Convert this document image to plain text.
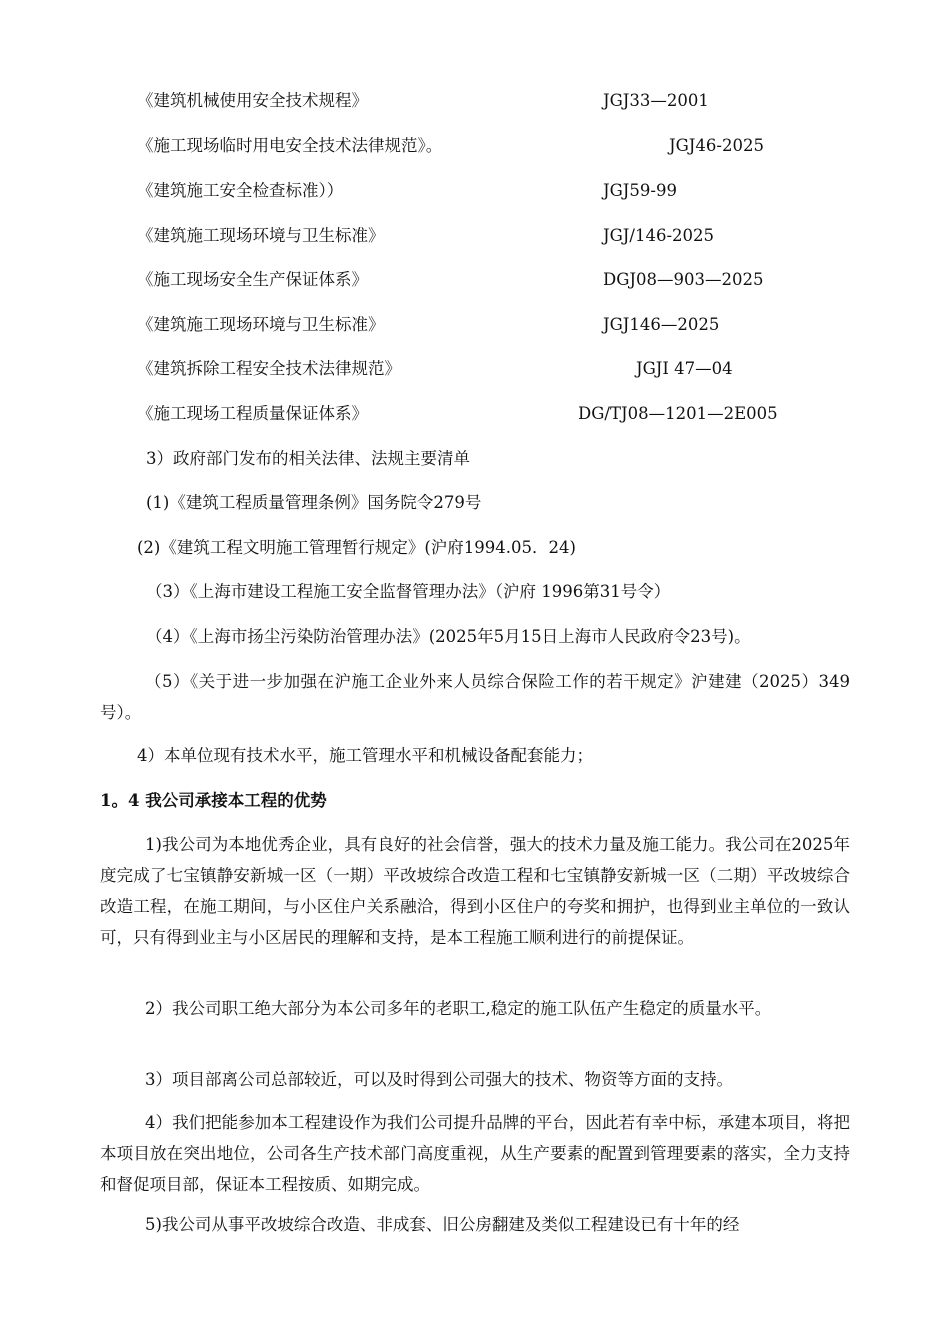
《建筑机械使用安全技术规程》	JGJ33—2001
《施工现场临时用电安全技术法律规范》。	JGJ46-2025
《建筑施工安全检查标准））	JGJ59-99
《建筑施工现场环境与卫生标准》	JGJ/146-2025
《施工现场安全生产保证体系》	DGJ08—903—2025
《建筑施工现场环境与卫生标准》	JGJ146—2025
《建筑拆除工程安全技术法律规范》	JGJI 47—04
《施工现场工程质量保证体系》	DG/TJ08—1201—2E005
3）政府部门发布的相关法律、法规主要清单
(1)《建筑工程质量管理条例》国务院令279号
(2)《建筑工程文明施工管理暂行规定》(沪府1994.05．24)
（3）《上海市建设工程施工安全监督管理办法》（沪府 1996第31号令）
（4）《上海市扬尘污染防治管理办法》(2025年5月15日上海市人民政府令23号)。

（5）《关于进一步加强在沪施工企业外来人员综合保险工作的若干规定》沪建建（2025）349号）。

4）本单位现有技术水平，施工管理水平和机械设备配套能力；
1。4 我公司承接本工程的优势

1)我公司为本地优秀企业，具有良好的社会信誉，强大的技术力量及施工能力。我公司在2025年度完成了七宝镇静安新城一区（一期）平改坡综合改造工程和七宝镇静安新城一区（二期）平改坡综合改造工程，在施工期间，与小区住户关系融洽，得到小区住户的夸奖和拥护，也得到业主单位的一致认可，只有得到业主与小区居民的理解和支持，是本工程施工顺利进行的前提保证。

2）我公司职工绝大部分为本公司多年的老职工,稳定的施工队伍产生稳定的质量水平。

3）项目部离公司总部较近，可以及时得到公司强大的技术、物资等方面的支持。

4）我们把能参加本工程建设作为我们公司提升品牌的平台，因此若有幸中标，承建本项目，将把本项目放在突出地位，公司各生产技术部门高度重视，从生产要素的配置到管理要素的落实，全力支持和督促项目部，保证本工程按质、如期完成。

5)我公司从事平改坡综合改造、非成套、旧公房翻建及类似工程建设已有十年的经
